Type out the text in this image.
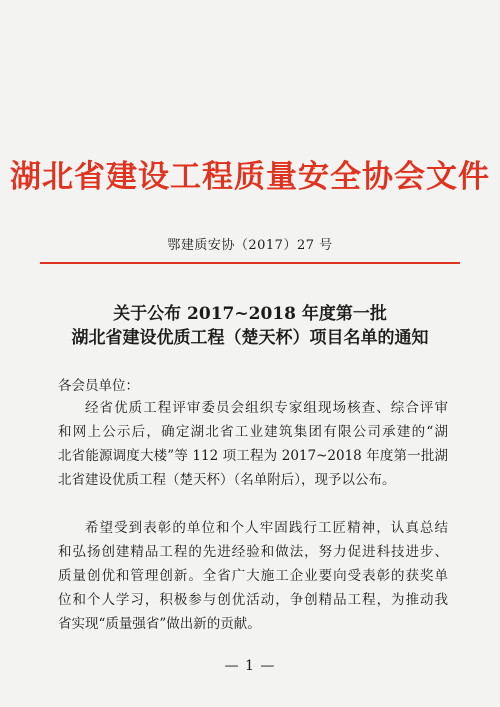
湖北省建设工程质量安全协会文件
鄂建质安协（2017）27 号
关于公布 2017~2018 年度第一批
湖北省建设优质工程（楚天杯）项目名单的通知
各会员单位：
经省优质工程评审委员会组织专家组现场核查、综合评审
和网上公示后，确定湖北省工业建筑集团有限公司承建的“湖
北省能源调度大楼”等 112 项工程为 2017~2018 年度第一批湖
北省建设优质工程（楚天杯）（名单附后），现予以公布。
希望受到表彰的单位和个人牢固践行工匠精神，认真总结
和弘扬创建精品工程的先进经验和做法，努力促进科技进步、
质量创优和管理创新。全省广大施工企业要向受表彰的获奖单
位和个人学习，积极参与创优活动，争创精品工程，为推动我
省实现“质量强省”做出新的贡献。
— 1 —
